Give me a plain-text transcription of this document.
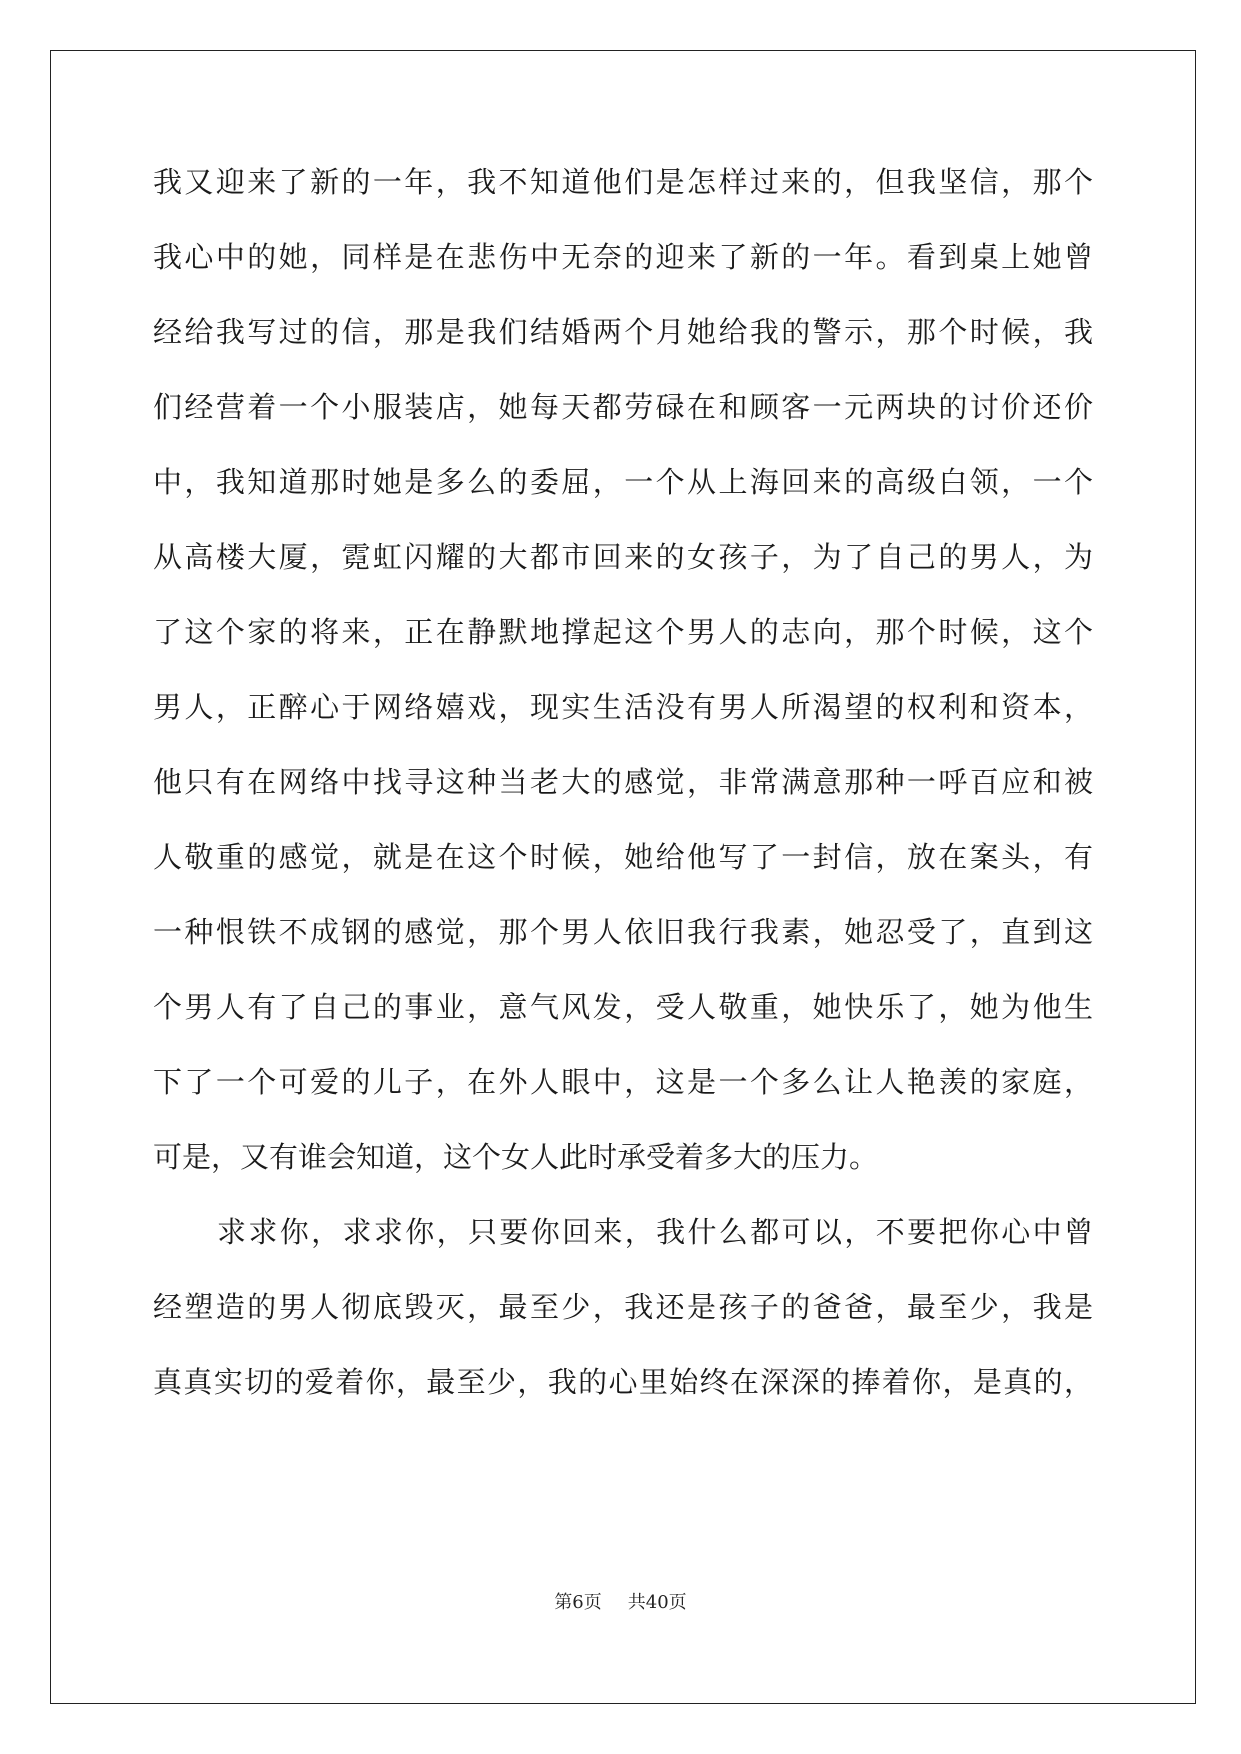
我又迎来了新的一年，我不知道他们是怎样过来的，但我坚信，那个
我心中的她，同样是在悲伤中无奈的迎来了新的一年。看到桌上她曾
经给我写过的信，那是我们结婚两个月她给我的警示，那个时候，我
们经营着一个小服装店，她每天都劳碌在和顾客一元两块的讨价还价
中，我知道那时她是多么的委屈，一个从上海回来的高级白领，一个
从高楼大厦，霓虹闪耀的大都市回来的女孩子，为了自己的男人，为
了这个家的将来，正在静默地撑起这个男人的志向，那个时候，这个
男人，正醉心于网络嬉戏，现实生活没有男人所渴望的权利和资本，
他只有在网络中找寻这种当老大的感觉，非常满意那种一呼百应和被
人敬重的感觉，就是在这个时候，她给他写了一封信，放在案头，有
一种恨铁不成钢的感觉，那个男人依旧我行我素，她忍受了，直到这
个男人有了自己的事业，意气风发，受人敬重，她快乐了，她为他生
下了一个可爱的儿子，在外人眼中，这是一个多么让人艳羡的家庭，
可是，又有谁会知道，这个女人此时承受着多大的压力。
求求你，求求你，只要你回来，我什么都可以，不要把你心中曾
经塑造的男人彻底毁灭，最至少，我还是孩子的爸爸，最至少，我是
真真实切的爱着你，最至少，我的心里始终在深深的捧着你，是真的，
第6页 共40页
